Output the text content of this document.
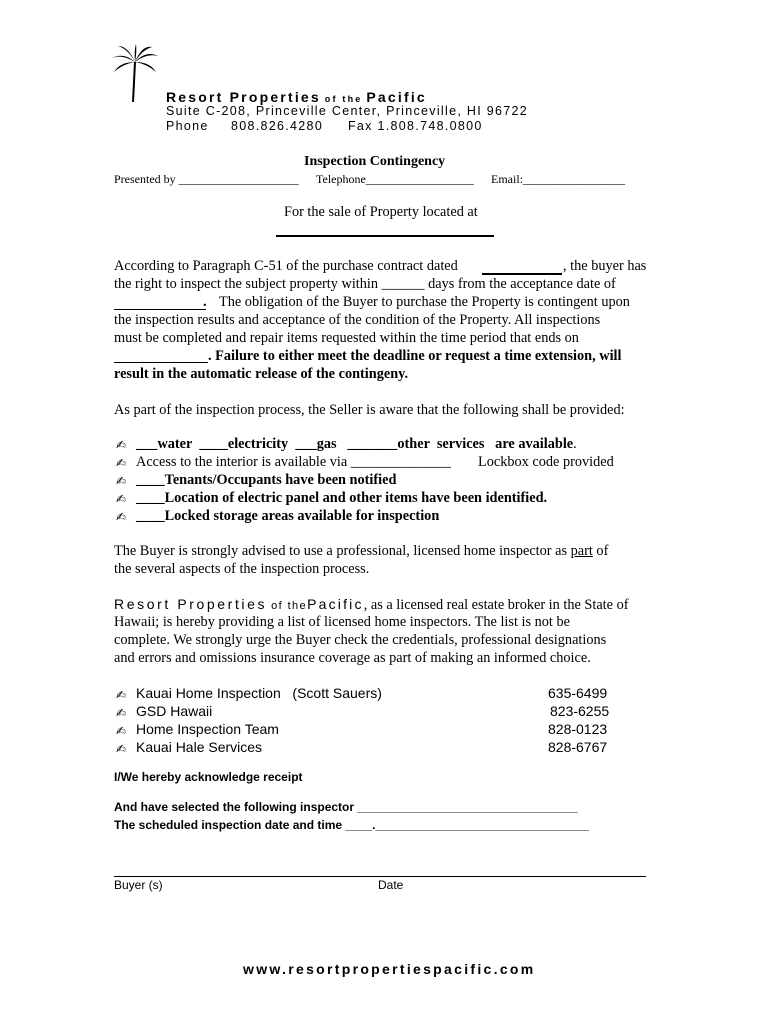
Resort Properties of the Pacific
Suite C-208, Princeville Center, Princeville, HI 96722
Phone 808.826.4280 Fax 1.808.748.0800
Inspection Contingency
Presented by ____________________ Telephone__________________ Email:_________________
For the sale of Property located at
According to Paragraph C-51 of the purchase contract dated	, the buyer has
the right to inspect the subject property within ______ days from the acceptance date of
. The obligation of the Buyer to purchase the Property is contingent upon
the inspection results and acceptance of the condition of the Property. All inspections
must be completed and repair items requested within the time period that ends on
. Failure to either meet the deadline or request a time extension, will
result in the automatic release of the contingeny.
As part of the inspection process, the Seller is aware that the following shall be provided:
✍ ___water  ____electricity  ___gas   _______other  services   are available.
✍ Access to the interior is available via ______________ Lockbox code provided
✍ ____Tenants/Occupants have been notified
✍ ____Location of electric panel and other items have been identified.
✍ ____Locked storage areas available for inspection
The Buyer is strongly advised to use a professional, licensed home inspector as part of
the several aspects of the inspection process.
Resort Properties of thePacific, as a licensed real estate broker in the State of
Hawaii; is hereby providing a list of licensed home inspectors. The list is not be
complete. We strongly urge the Buyer check the credentials, professional designations
and errors and omissions insurance coverage as part of making an informed choice.
✍ Kauai Home Inspection   (Scott Sauers)	635-6499
✍ GSD Hawaii	823-6255
✍ Home Inspection Team	828-0123
✍ Kauai Hale Services	828-6767
I/We hereby acknowledge receipt
And have selected the following inspector _________________________________
The scheduled inspection date and time ____.________________________________
Buyer (s)	Date
www.resortpropertiespacific.com
